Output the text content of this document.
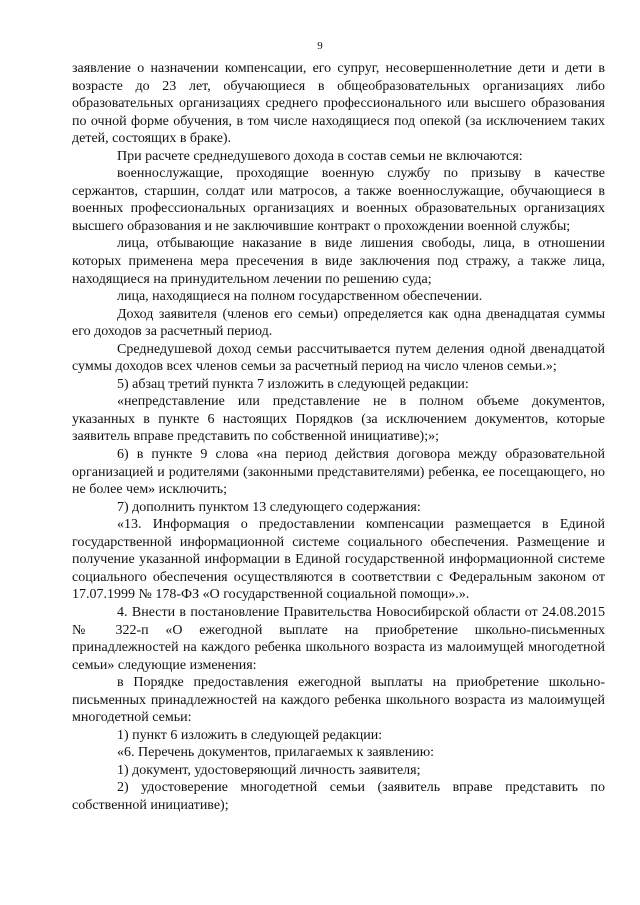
9

заявление о назначении компенсации, его супруг, несовершеннолетние дети и дети в возрасте до 23 лет, обучающиеся в общеобразовательных организациях либо образовательных организациях среднего профессионального или высшего образования по очной форме обучения, в том числе находящиеся под опекой (за исключением таких детей, состоящих в браке).

При расчете среднедушевого дохода в состав семьи не включаются:

военнослужащие, проходящие военную службу по призыву в качестве сержантов, старшин, солдат или матросов, а также военнослужащие, обучающиеся в военных профессиональных организациях и военных образовательных организациях высшего образования и не заключившие контракт о прохождении военной службы;

лица, отбывающие наказание в виде лишения свободы, лица, в отношении которых применена мера пресечения в виде заключения под стражу, а также лица, находящиеся на принудительном лечении по решению суда;

лица, находящиеся на полном государственном обеспечении.

Доход заявителя (членов его семьи) определяется как одна двенадцатая суммы его доходов за расчетный период.

Среднедушевой доход семьи рассчитывается путем деления одной двенадцатой суммы доходов всех членов семьи за расчетный период на число членов семьи.»;

5) абзац третий пункта 7 изложить в следующей редакции:

«непредставление или представление не в полном объеме документов, указанных в пункте 6 настоящих Порядков (за исключением документов, которые заявитель вправе представить по собственной инициативе);»;

6) в пункте 9 слова «на период действия договора между образовательной организацией и родителями (законными представителями) ребенка, ее посещающего, но не более чем» исключить;

7) дополнить пунктом 13 следующего содержания:

«13. Информация о предоставлении компенсации размещается в Единой государственной информационной системе социального обеспечения. Размещение и получение указанной информации в Единой государственной информационной системе социального обеспечения осуществляются в соответствии с Федеральным законом от 17.07.1999 № 178-ФЗ «О государственной социальной помощи».».

4. Внести в постановление Правительства Новосибирской области от 24.08.2015 № 322-п «О ежегодной выплате на приобретение школьно-письменных принадлежностей на каждого ребенка школьного возраста из малоимущей многодетной семьи» следующие изменения:

в Порядке предоставления ежегодной выплаты на приобретение школьно-письменных принадлежностей на каждого ребенка школьного возраста из малоимущей многодетной семьи:

1) пункт 6 изложить в следующей редакции:

«6. Перечень документов, прилагаемых к заявлению:

1) документ, удостоверяющий личность заявителя;

2) удостоверение многодетной семьи (заявитель вправе представить по собственной инициативе);
